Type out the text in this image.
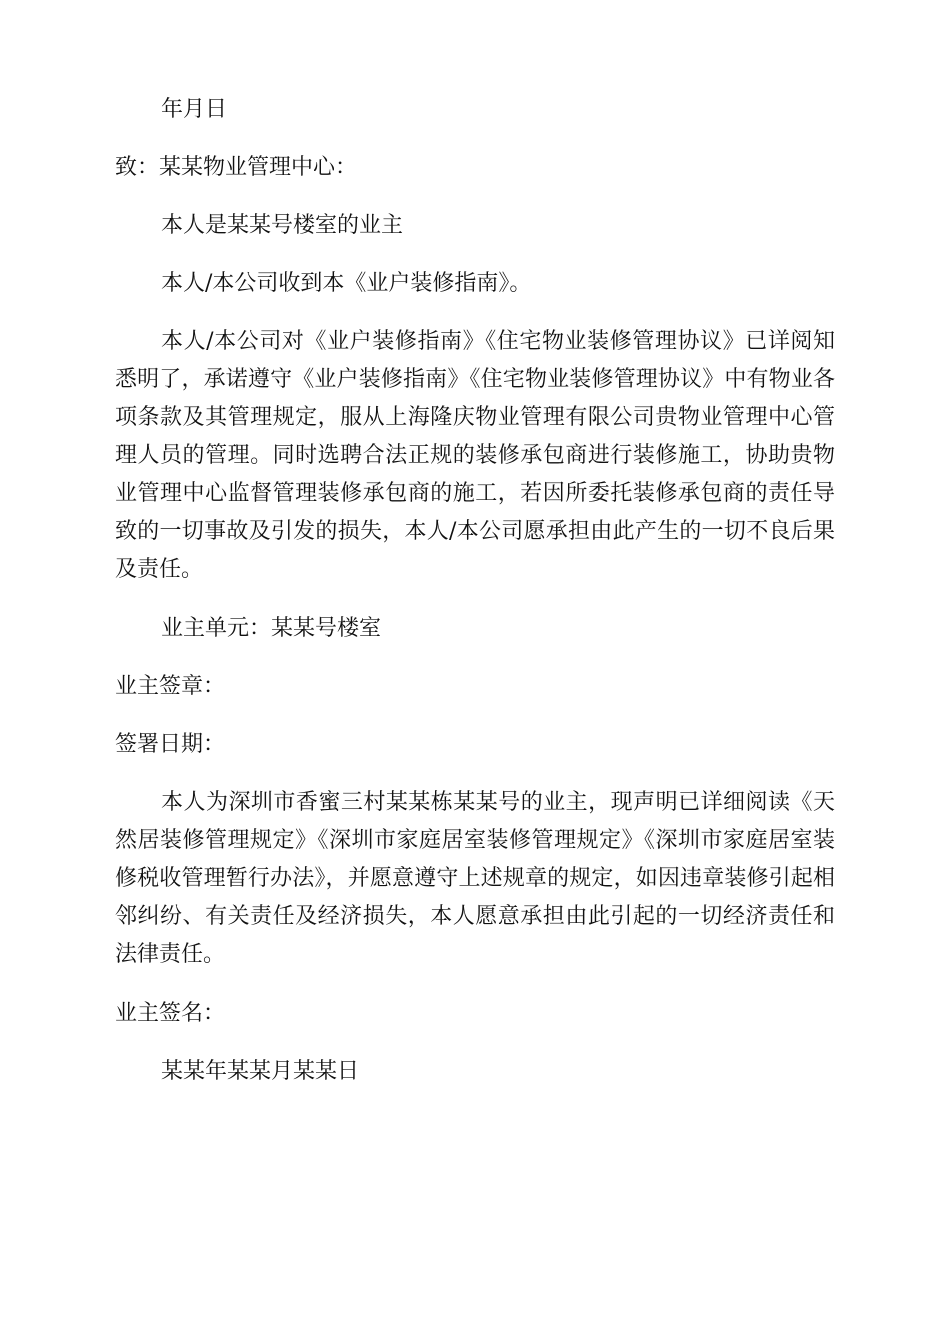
年月日

致：某某物业管理中心：

本人是某某号楼室的业主

本人/本公司收到本《业户装修指南》。

本人/本公司对《业户装修指南》《住宅物业装修管理协议》已详阅知悉明了，承诺遵守《业户装修指南》《住宅物业装修管理协议》中有物业各项条款及其管理规定，服从上海隆庆物业管理有限公司贵物业管理中心管理人员的管理。同时选聘合法正规的装修承包商进行装修施工，协助贵物业管理中心监督管理装修承包商的施工，若因所委托装修承包商的责任导致的一切事故及引发的损失，本人/本公司愿承担由此产生的一切不良后果及责任。

业主单元：某某号楼室

业主签章：

签署日期：

本人为深圳市香蜜三村某某栋某某号的业主，现声明已详细阅读《天然居装修管理规定》《深圳市家庭居室装修管理规定》《深圳市家庭居室装修税收管理暂行办法》，并愿意遵守上述规章的规定，如因违章装修引起相邻纠纷、有关责任及经济损失，本人愿意承担由此引起的一切经济责任和法律责任。

业主签名：

某某年某某月某某日
